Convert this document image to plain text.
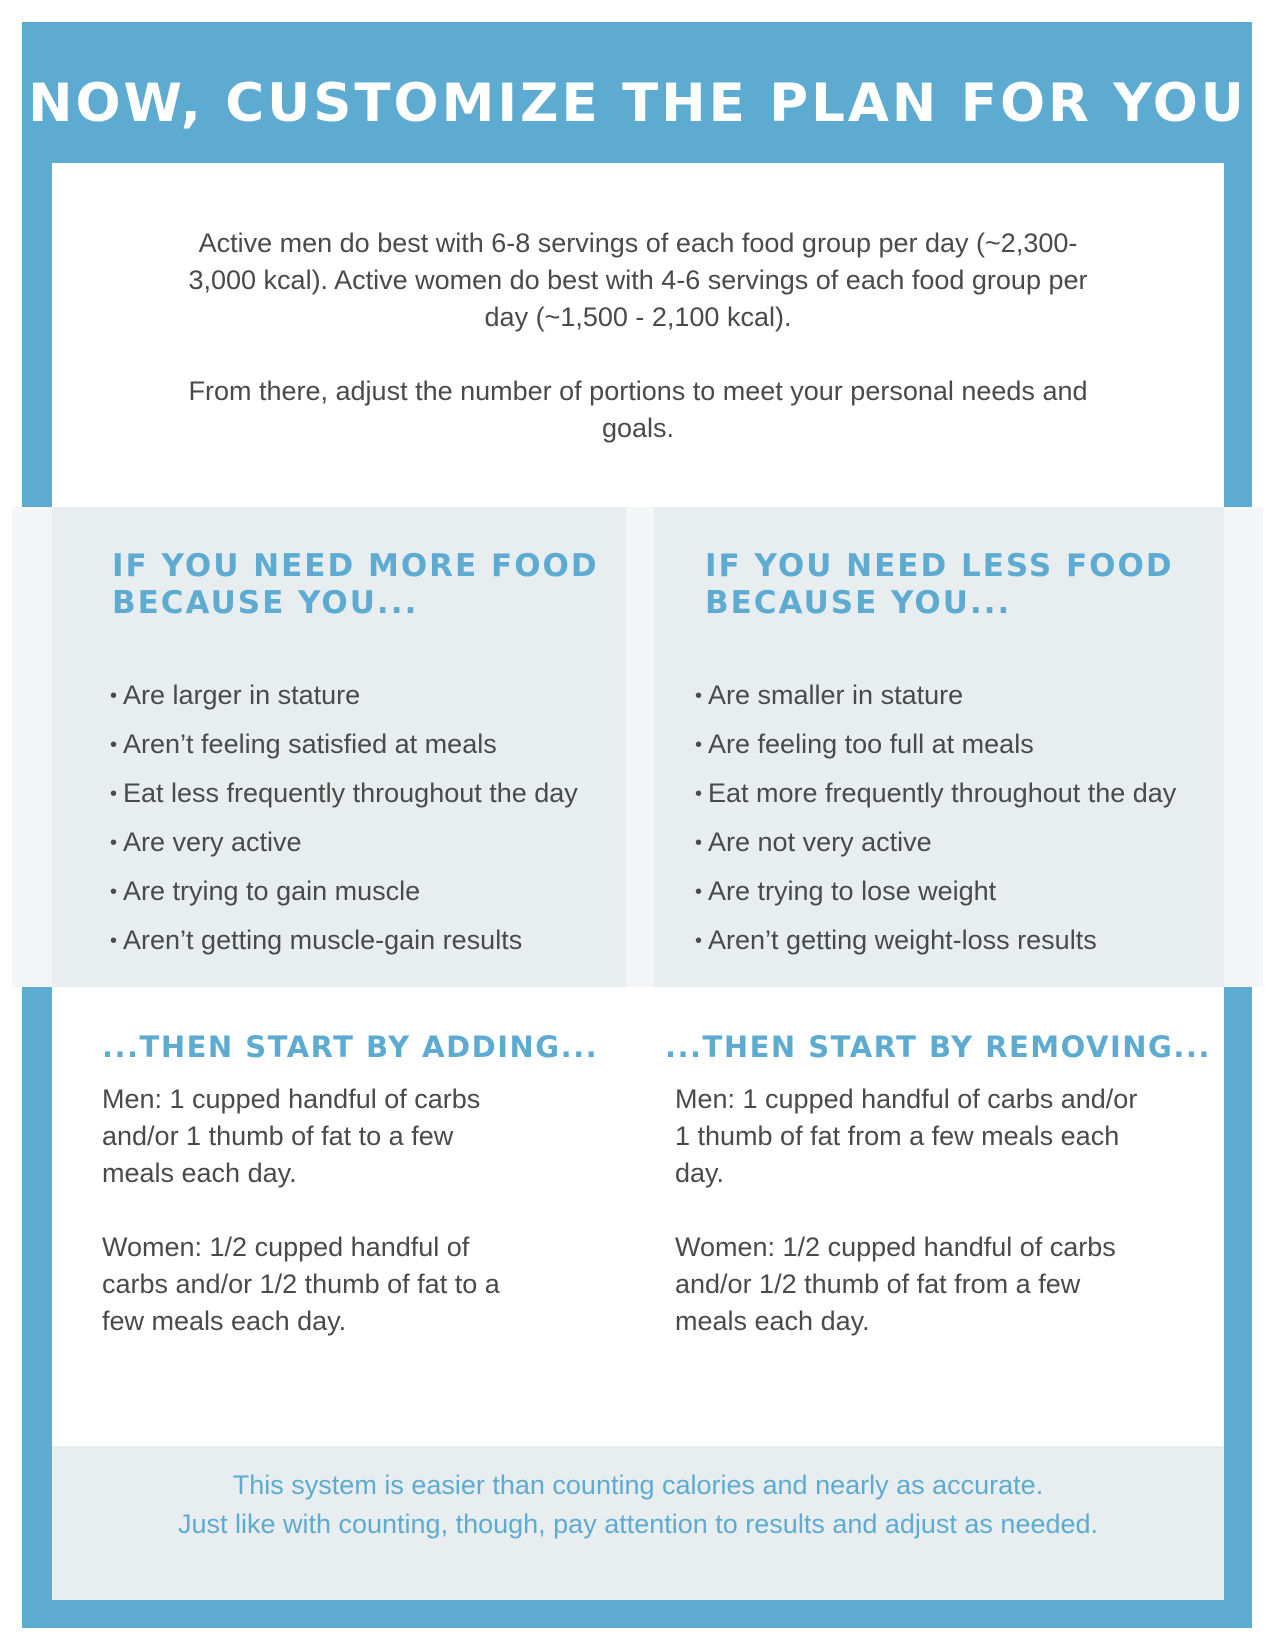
NOW, CUSTOMIZE THE PLAN FOR YOU

Active men do best with 6-8 servings of each food group per day (~2,300-3,000 kcal). Active women do best with 4-6 servings of each food group per day (~1,500 - 2,100 kcal).

From there, adjust the number of portions to meet your personal needs and goals.

IF YOU NEED MORE FOOD
BECAUSE YOU...
IF YOU NEED LESS FOOD
BECAUSE YOU...
• Are larger in stature
• Aren’t feeling satisfied at meals
• Eat less frequently throughout the day
• Are very active
• Are trying to gain muscle
• Aren’t getting muscle-gain results
• Are smaller in stature
• Are feeling too full at meals
• Eat more frequently throughout the day
• Are not very active
• Are trying to lose weight
• Aren’t getting weight-loss results
...THEN START BY ADDING... ...THEN START BY REMOVING...

Men: 1 cupped handful of carbs and/or 1 thumb of fat to a few meals each day.

Women: 1/2 cupped handful of carbs and/or 1/2 thumb of fat to a few meals each day.

Men: 1 cupped handful of carbs and/or 1 thumb of fat from a few meals each day.

Women: 1/2 cupped handful of carbs and/or 1/2 thumb of fat from a few meals each day.

This system is easier than counting calories and nearly as accurate.

Just like with counting, though, pay attention to results and adjust as needed.
